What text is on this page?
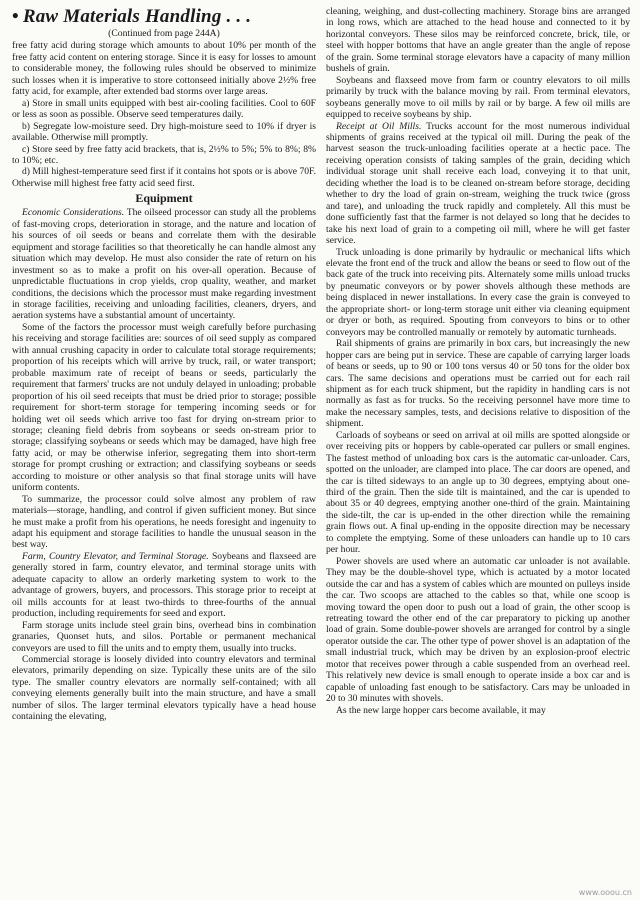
• Raw Materials Handling . . .
(Continued from page 244A)
free fatty acid during storage which amounts to about 10% per month of the free fatty acid content on entering storage. Since it is easy for losses to amount to considerable money, the following rules should be observed to minimize such losses when it is imperative to store cottonseed initially above 2½% free fatty acid, for example, after extended bad storms over large areas.
a) Store in small units equipped with best air-cooling facilities. Cool to 60F or less as soon as possible. Observe seed temperatures daily.
b) Segregate low-moisture seed. Dry high-moisture seed to 10% if dryer is available. Otherwise mill promptly.
c) Store seed by free fatty acid brackets, that is, 2½% to 5%; 5% to 8%; 8% to 10%; etc.
d) Mill highest-temperature seed first if it contains hot spots or is above 70F. Otherwise mill highest free fatty acid seed first.
Equipment
Economic Considerations. The oilseed processor can study all the problems of fast-moving crops, deterioration in storage, and the nature and location of his sources of oil seeds or beans and correlate them with the desirable equipment and storage facilities so that theoretically he can handle almost any situation which may develop. He must also consider the rate of return on his investment so as to make a profit on his over-all operation. Because of unpredictable fluctuations in crop yields, crop quality, weather, and market conditions, the decisions which the processor must make regarding investment in storage facilities, receiving and unloading facilities, cleaners, dryers, and aeration systems have a substantial amount of uncertainty.
Some of the factors the processor must weigh carefully before purchasing his receiving and storage facilities are: sources of oil seed supply as compared with annual crushing capacity in order to calculate total storage requirements; proportion of his receipts which will arrive by truck, rail, or water transport; probable maximum rate of receipt of beans or seeds, particularly the requirement that farmers' trucks are not unduly delayed in unloading; probable proportion of his oil seed receipts that must be dried prior to storage; possible requirement for short-term storage for tempering incoming seeds or for holding wet oil seeds which arrive too fast for drying on-stream prior to storage; cleaning field debris from soybeans or seeds on-stream prior to storage; classifying soybeans or seeds which may be damaged, have high free fatty acid, or may be otherwise inferior, segregating them into short-term storage for prompt crushing or extraction; and classifying soybeans or seeds according to moisture or other analysis so that final storage units will have uniform contents.
To summarize, the processor could solve almost any problem of raw materials—storage, handling, and control if given sufficient money. But since he must make a profit from his operations, he needs foresight and ingenuity to adapt his equipment and storage facilities to handle the unusual season in the best way.
Farm, Country Elevator, and Terminal Storage. Soybeans and flaxseed are generally stored in farm, country elevator, and terminal storage units with adequate capacity to allow an orderly marketing system to work to the advantage of growers, buyers, and processors. This storage prior to receipt at oil mills accounts for at least two-thirds to three-fourths of the annual production, including requirements for seed and export.
Farm storage units include steel grain bins, overhead bins in combination granaries, Quonset huts, and silos. Portable or permanent mechanical conveyors are used to fill the units and to empty them, usually into trucks.
Commercial storage is loosely divided into country elevators and terminal elevators, primarily depending on size. Typically these units are of the silo type. The smaller country elevators are normally self-contained; with all conveying elements generally built into the main structure, and have a small number of silos. The larger terminal elevators typically have a head house containing the elevating,
cleaning, weighing, and dust-collecting machinery. Storage bins are arranged in long rows, which are attached to the head house and connected to it by horizontal conveyors. These silos may be reinforced concrete, brick, tile, or steel with hopper bottoms that have an angle greater than the angle of repose of the grain. Some terminal storage elevators have a capacity of many million bushels of grain.
Soybeans and flaxseed move from farm or country elevators to oil mills primarily by truck with the balance moving by rail. From terminal elevators, soybeans generally move to oil mills by rail or by barge. A few oil mills are equipped to receive soybeans by ship.
Receipt at Oil Mills. Trucks account for the most numerous individual shipments of grains received at the typical oil mill. During the peak of the harvest season the truck-unloading facilities operate at a hectic pace. The receiving operation consists of taking samples of the grain, deciding which individual storage unit shall receive each load, conveying it to that unit, deciding whether the load is to be cleaned on-stream before storage, deciding whether to dry the load of grain on-stream, weighing the truck twice (gross and tare), and unloading the truck rapidly and completely. All this must be done sufficiently fast that the farmer is not delayed so long that he decides to take his next load of grain to a competing oil mill, where he will get faster service.
Truck unloading is done primarily by hydraulic or mechanical lifts which elevate the front end of the truck and allow the beans or seed to flow out of the back gate of the truck into receiving pits. Alternately some mills unload trucks by pneumatic conveyors or by power shovels although these methods are being displaced in newer installations. In every case the grain is conveyed to the appropriate short- or long-term storage unit either via cleaning equipment or dryer or both, as required. Spouting from conveyors to bins or to other conveyors may be controlled manually or remotely by automatic turnheads.
Rail shipments of grains are primarily in box cars, but increasingly the new hopper cars are being put in service. These are capable of carrying larger loads of beans or seeds, up to 90 or 100 tons versus 40 or 50 tons for the older box cars. The same decisions and operations must be carried out for each rail shipment as for each truck shipment, but the rapidity in handling cars is not normally as fast as for trucks. So the receiving personnel have more time to make the necessary samples, tests, and decisions relative to disposition of the shipment.
Carloads of soybeans or seed on arrival at oil mills are spotted alongside or over receiving pits or hoppers by cable-operated car pullers or small engines. The fastest method of unloading box cars is the automatic car-unloader. Cars, spotted on the unloader, are clamped into place. The car doors are opened, and the car is tilted sideways to an angle up to 30 degrees, emptying about one-third of the grain. Then the side tilt is maintained, and the car is upended to about 35 or 40 degrees, emptying another one-third of the grain. Maintaining the side-tilt, the car is up-ended in the other direction while the remaining grain flows out. A final up-ending in the opposite direction may be necessary to complete the emptying. Some of these unloaders can handle up to 10 cars per hour.
Power shovels are used where an automatic car unloader is not available. They may be the double-shovel type, which is actuated by a motor located outside the car and has a system of cables which are mounted on pulleys inside the car. Two scoops are attached to the cables so that, while one scoop is moving toward the open door to push out a load of grain, the other scoop is retreating toward the other end of the car preparatory to picking up another load of grain. Some double-power shovels are arranged for control by a single operator outside the car. The other type of power shovel is an adaptation of the small industrial truck, which may be driven by an explosion-proof electric motor that receives power through a cable suspended from an overhead reel. This relatively new device is small enough to operate inside a box car and is capable of unloading fast enough to be satisfactory. Cars may be unloaded in 20 to 30 minutes with shovels.
As the new large hopper cars become available, it may
www.ooou.cn
